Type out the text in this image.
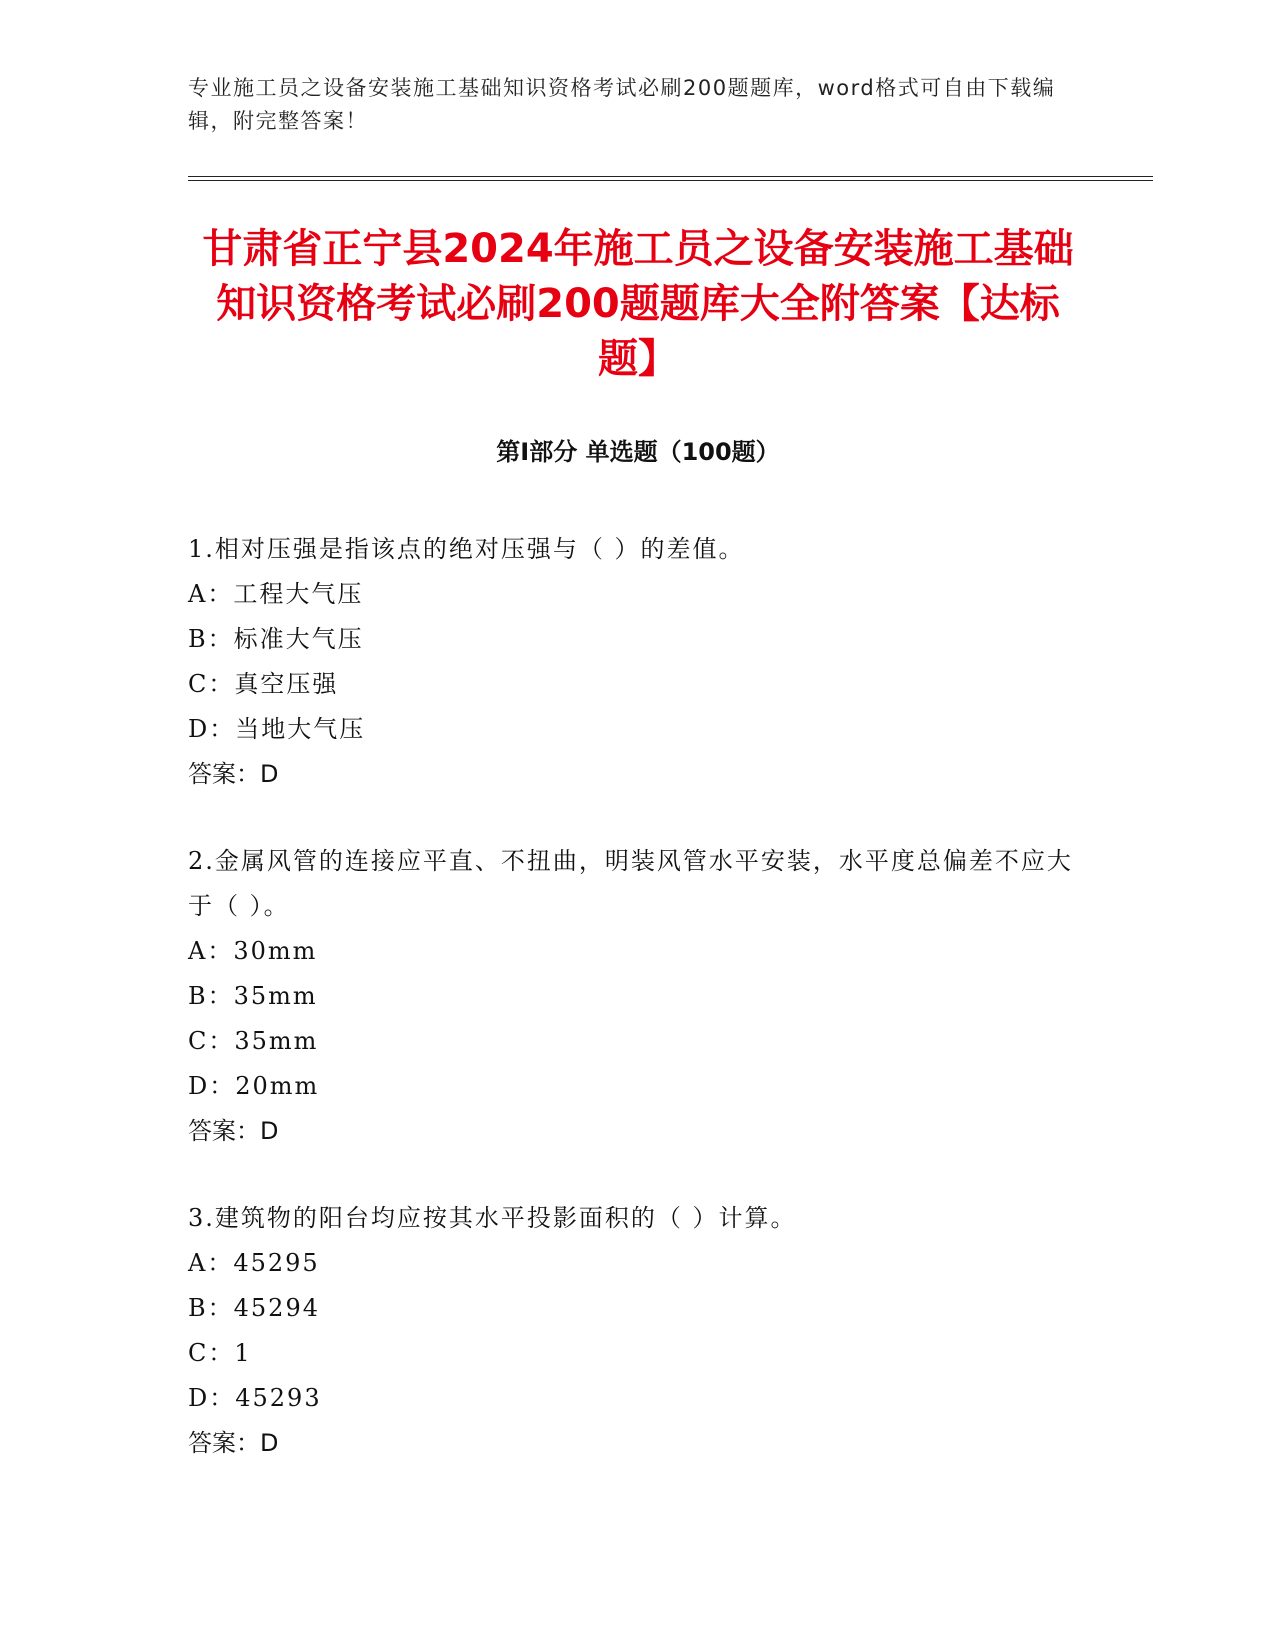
专业施工员之设备安装施工基础知识资格考试必刷200题题库，word格式可自由下载编辑，附完整答案！
甘肃省正宁县2024年施工员之设备安装施工基础知识资格考试必刷200题题库大全附答案【达标题】
第I部分 单选题（100题）
1.相对压强是指该点的绝对压强与（ ）的差值。
A：工程大气压
B：标准大气压
C：真空压强
D：当地大气压
答案：D
2.金属风管的连接应平直、不扭曲，明装风管水平安装，水平度总偏差不应大于（ ）。
A：30mm
B：35mm
C：35mm
D：20mm
答案：D
3.建筑物的阳台均应按其水平投影面积的（ ）计算。
A：45295
B：45294
C：1
D：45293
答案：D
